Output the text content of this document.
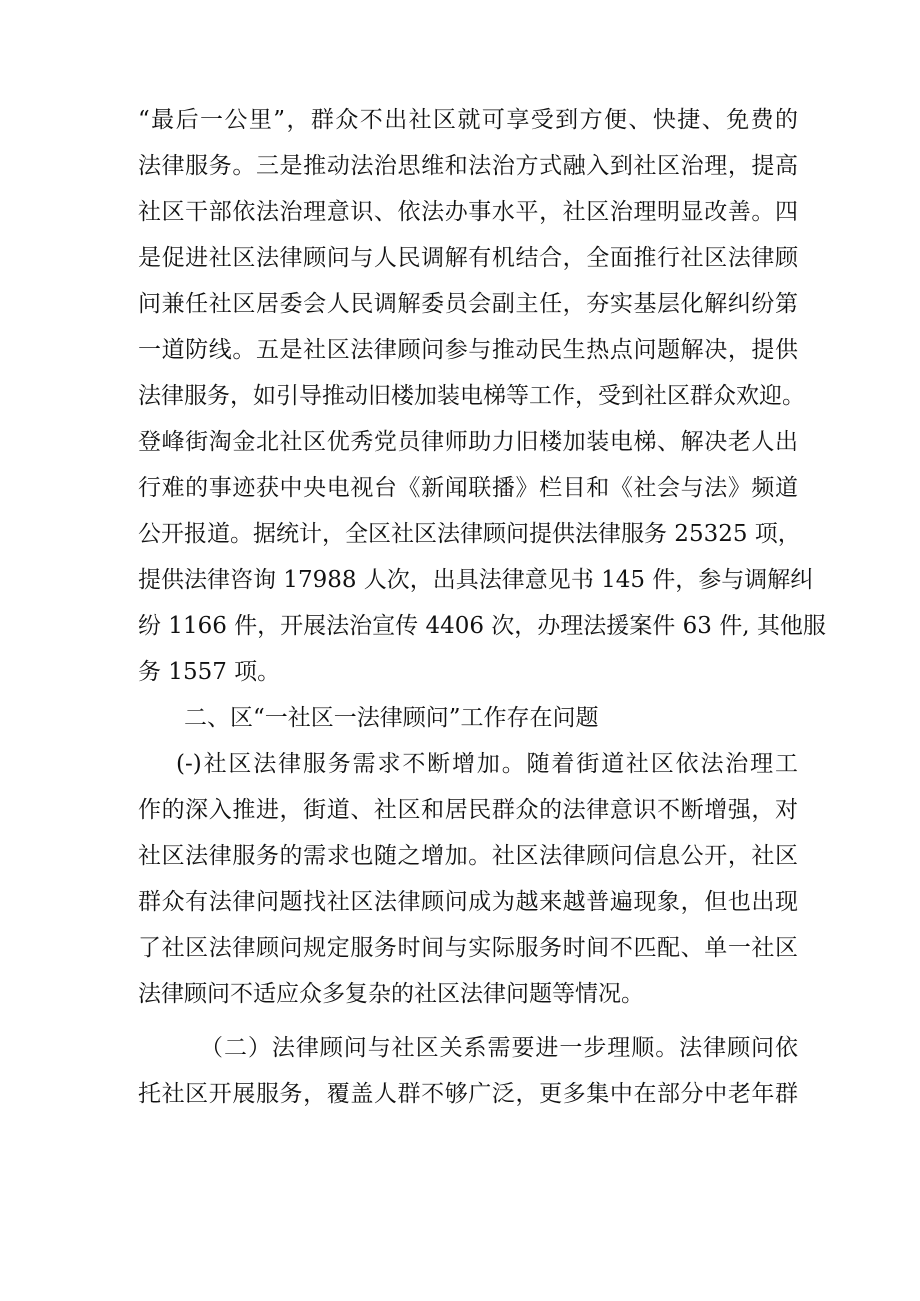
“最后一公里”，群众不出社区就可享受到方便、快捷、免费的
法律服务。三是推动法治思维和法治方式融入到社区治理，提高
社区干部依法治理意识、依法办事水平，社区治理明显改善。四
是促进社区法律顾问与人民调解有机结合，全面推行社区法律顾
问兼任社区居委会人民调解委员会副主任，夯实基层化解纠纷第
一道防线。五是社区法律顾问参与推动民生热点问题解决，提供
法律服务，如引导推动旧楼加装电梯等工作，受到社区群众欢迎。
登峰街淘金北社区优秀党员律师助力旧楼加装电梯、解决老人出
行难的事迹获中央电视台《新闻联播》栏目和《社会与法》频道
公开报道。据统计，全区社区法律顾问提供法律服务 25325 项，
提供法律咨询 17988 人次，出具法律意见书 145 件，参与调解纠
纷 1166 件，开展法治宣传 4406 次，办理法援案件 63 件, 其他服
务 1557 项。
二、区“一社区一法律顾问”工作存在问题
(-)社区法律服务需求不断增加。随着街道社区依法治理工
作的深入推进，街道、社区和居民群众的法律意识不断增强，对
社区法律服务的需求也随之增加。社区法律顾问信息公开，社区
群众有法律问题找社区法律顾问成为越来越普遍现象，但也出现
了社区法律顾问规定服务时间与实际服务时间不匹配、单一社区
法律顾问不适应众多复杂的社区法律问题等情况。
（二）法律顾问与社区关系需要进一步理顺。法律顾问依
托社区开展服务，覆盖人群不够广泛，更多集中在部分中老年群
